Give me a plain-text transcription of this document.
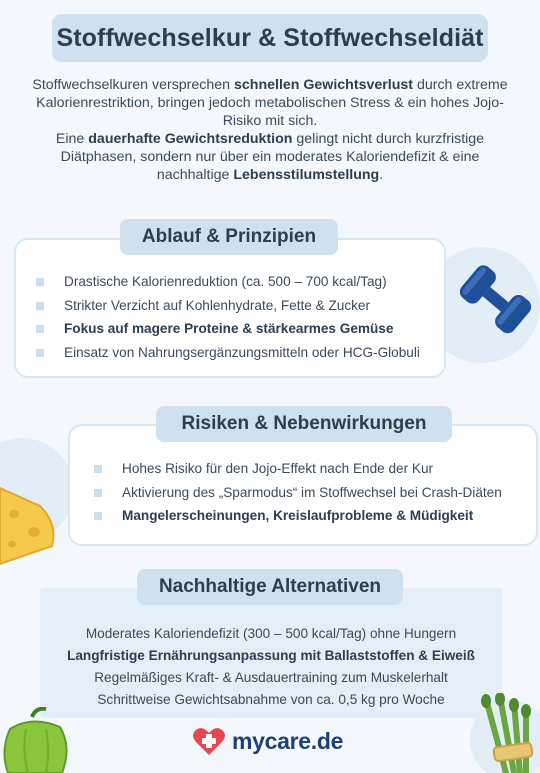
Stoffwechselkur & Stoffwechseldiät

Stoffwechselkuren versprechen schnellen Gewichtsverlust durch extreme Kalorienrestriktion, bringen jedoch metabolischen Stress & ein hohes Jojo-Risiko mit sich.

Eine dauerhafte Gewichtsreduktion gelingt nicht durch kurzfristige Diätphasen, sondern nur über ein moderates Kaloriendefizit & eine nachhaltige Lebensstilumstellung.

Ablauf & Prinzipien
Drastische Kalorienreduktion (ca. 500 – 700 kcal/Tag)
Strikter Verzicht auf Kohlenhydrate, Fette & Zucker
Fokus auf magere Proteine & stärkearmes Gemüse
Einsatz von Nahrungsergänzungsmitteln oder HCG-Globuli
Risiken & Nebenwirkungen
Hohes Risiko für den Jojo-Effekt nach Ende der Kur
Aktivierung des „Sparmodus“ im Stoffwechsel bei Crash-Diäten
Mangelerscheinungen, Kreislaufprobleme & Müdigkeit
Nachhaltige Alternativen
Moderates Kaloriendefizit (300 – 500 kcal/Tag) ohne Hungern
Langfristige Ernährungsanpassung mit Ballaststoffen & Eiweiß
Regelmäßiges Kraft- & Ausdauertraining zum Muskelerhalt
Schrittweise Gewichtsabnahme von ca. 0,5 kg pro Woche
mycare.de
